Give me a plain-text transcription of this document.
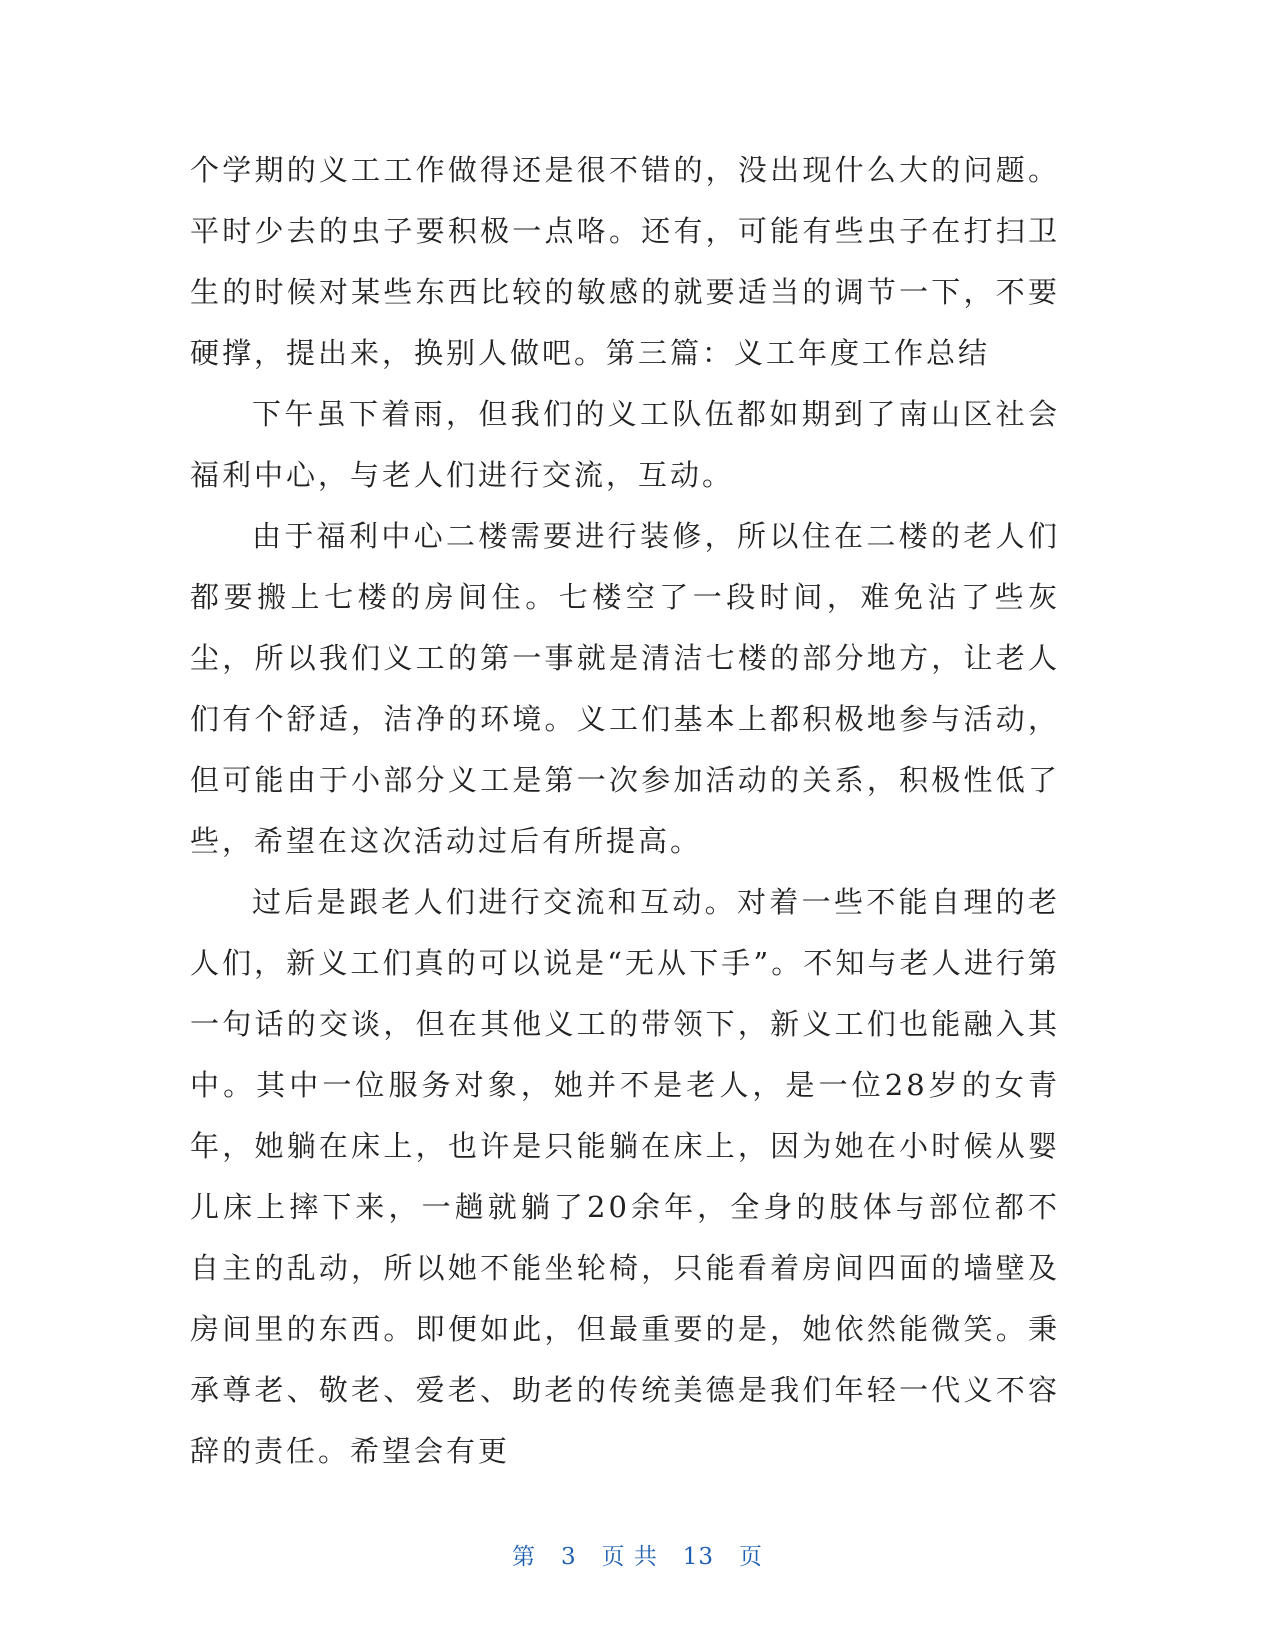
个学期的义工工作做得还是很不错的，没出现什么大的问题。平时少去的虫子要积极一点咯。还有，可能有些虫子在打扫卫生的时候对某些东西比较的敏感的就要适当的调节一下，不要硬撑，提出来，换别人做吧。第三篇：义工年度工作总结

下午虽下着雨，但我们的义工队伍都如期到了南山区社会福利中心，与老人们进行交流，互动。

由于福利中心二楼需要进行装修，所以住在二楼的老人们都要搬上七楼的房间住。七楼空了一段时间，难免沾了些灰尘，所以我们义工的第一事就是清洁七楼的部分地方，让老人们有个舒适，洁净的环境。义工们基本上都积极地参与活动，但可能由于小部分义工是第一次参加活动的关系，积极性低了些，希望在这次活动过后有所提高。

过后是跟老人们进行交流和互动。对着一些不能自理的老人们，新义工们真的可以说是“无从下手”。不知与老人进行第一句话的交谈，但在其他义工的带领下，新义工们也能融入其中。其中一位服务对象，她并不是老人，是一位28岁的女青年，她躺在床上，也许是只能躺在床上，因为她在小时候从婴儿床上摔下来，一趟就躺了20余年，全身的肢体与部位都不自主的乱动，所以她不能坐轮椅，只能看着房间四面的墙壁及房间里的东西。即便如此，但最重要的是，她依然能微笑。秉承尊老、敬老、爱老、助老的传统美德是我们年轻一代义不容辞的责任。希望会有更

第 3 页 共 13 页
